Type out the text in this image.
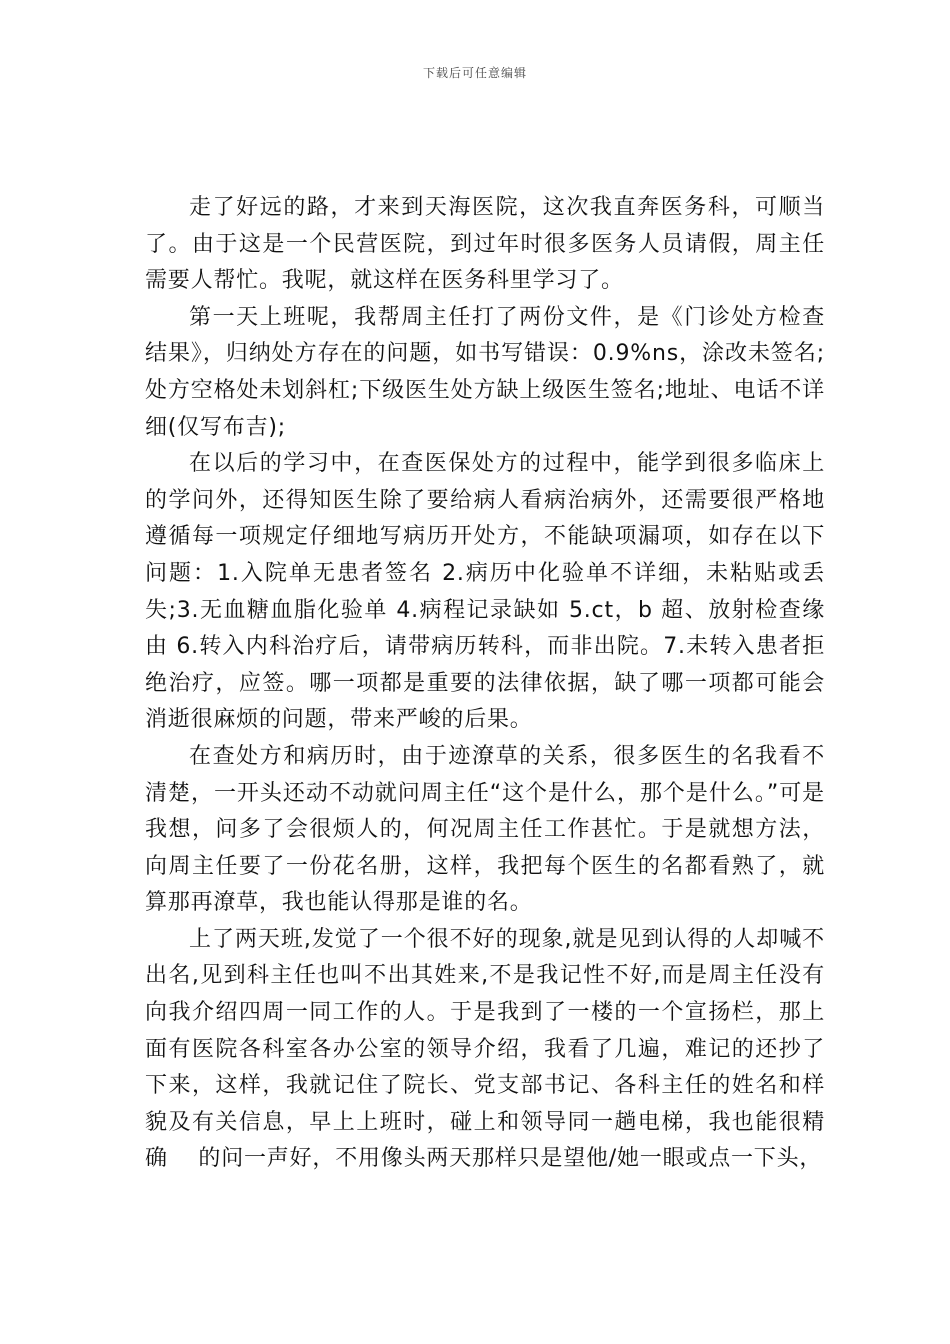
下载后可任意编辑

走了好远的路，才来到天海医院，这次我直奔医务科，可顺当了。由于这是一个民营医院，到过年时很多医务人员请假，周主任需要人帮忙。我呢，就这样在医务科里学习了。

第一天上班呢，我帮周主任打了两份文件，是《门诊处方检查结果》，归纳处方存在的问题，如书写错误：0.9%ns，涂改未签名;处方空格处未划斜杠;下级医生处方缺上级医生签名;地址、电话不详细(仅写布吉);

在以后的学习中，在查医保处方的过程中，能学到很多临床上的学问外，还得知医生除了要给病人看病治病外，还需要很严格地遵循每一项规定仔细地写病历开处方，不能缺项漏项，如存在以下问题：1.入院单无患者签名 2.病历中化验单不详细，未粘贴或丢失;3.无血糖血脂化验单 4.病程记录缺如 5.ct，b 超、放射检查缘由 6.转入内科治疗后，请带病历转科，而非出院。7.未转入患者拒绝治疗，应签。哪一项都是重要的法律依据，缺了哪一项都可能会消逝很麻烦的问题，带来严峻的后果。

在查处方和病历时，由于迹潦草的关系，很多医生的名我看不清楚，一开头还动不动就问周主任“这个是什么，那个是什么。”可是我想，问多了会很烦人的，何况周主任工作甚忙。于是就想方法，向周主任要了一份花名册，这样，我把每个医生的名都看熟了，就算那再潦草，我也能认得那是谁的名。

上了两天班,发觉了一个很不好的现象,就是见到认得的人却喊不出名,见到科主任也叫不出其姓来,不是我记性不好,而是周主任没有向我介绍四周一同工作的人。于是我到了一楼的一个宣扬栏，那上面有医院各科室各办公室的领导介绍，我看了几遍，难记的还抄了下来，这样，我就记住了院长、党支部书记、各科主任的姓名和样貌及有关信息，早上上班时，碰上和领导同一趟电梯，我也能很精确　 的问一声好，不用像头两天那样只是望他/她一眼或点一下头，
